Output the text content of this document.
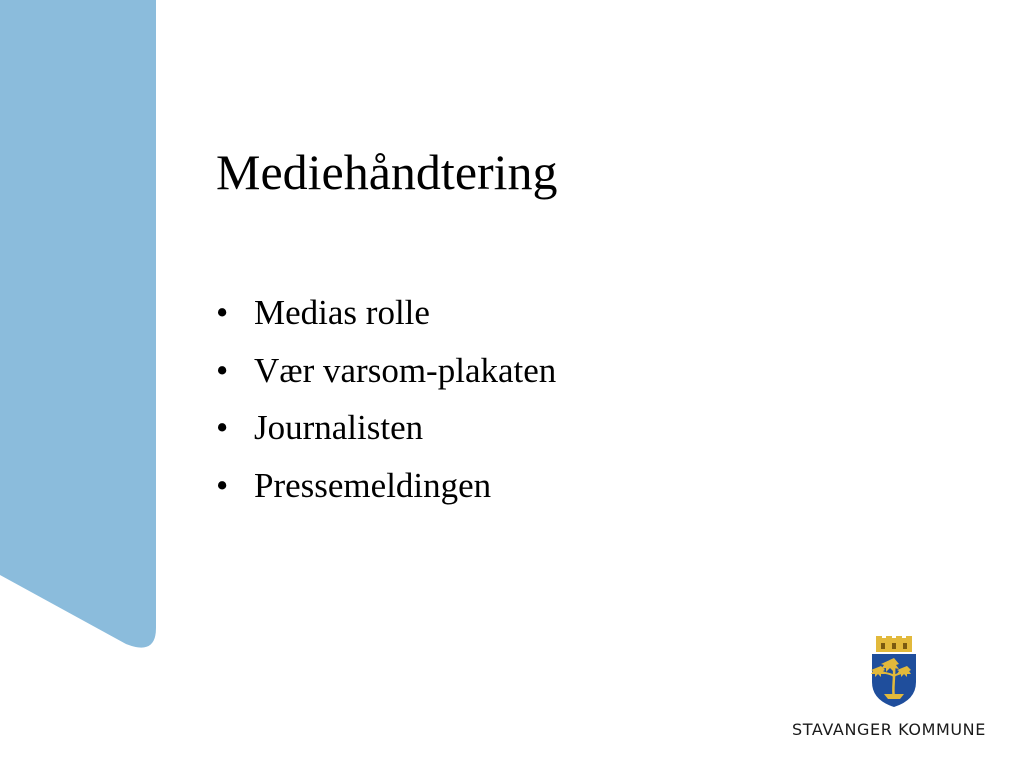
Mediehåndtering
• Medias rolle
• Vær varsom-plakaten
• Journalisten
• Pressemeldingen
STAVANGER KOMMUNE
